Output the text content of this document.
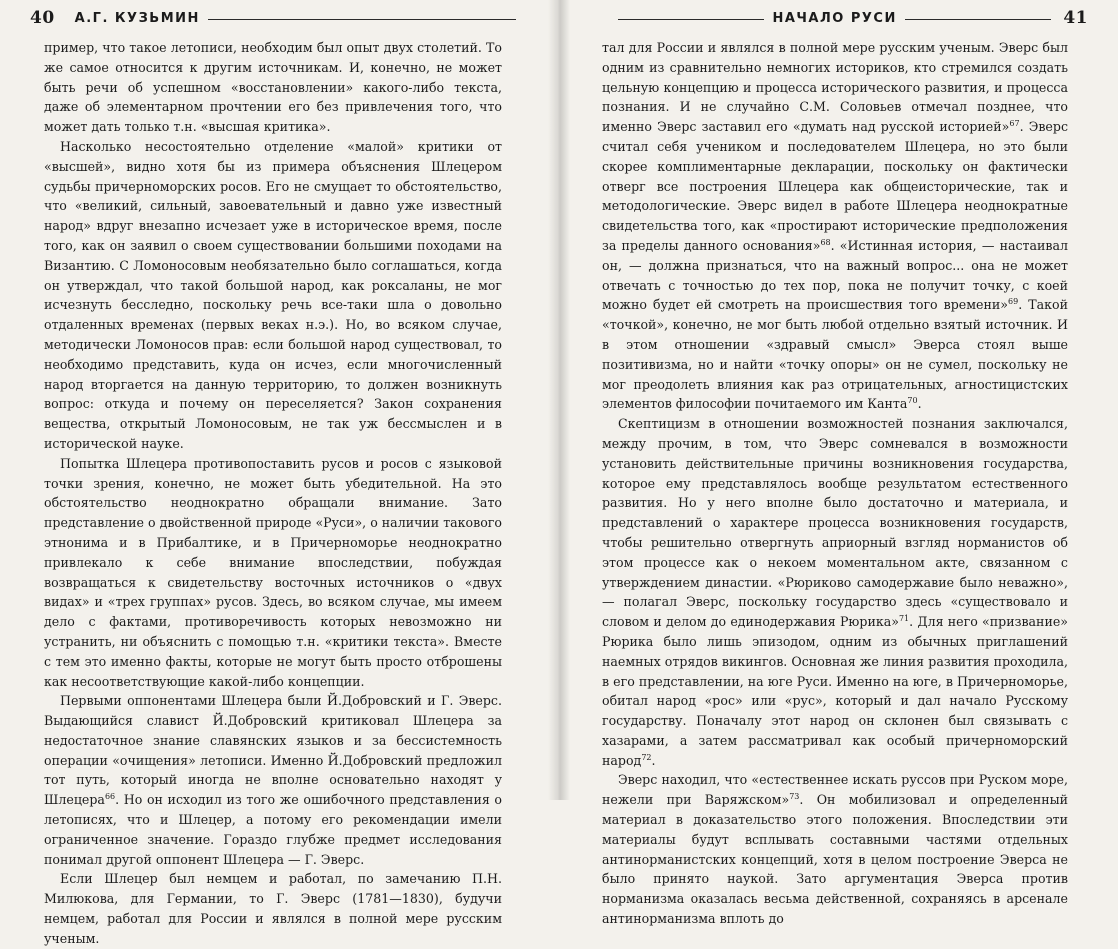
40	А.Г. КУЗЬМИН

пример, что такое летописи, необходим был опыт двух столетий. То же самое относится к другим источникам. И, конечно, не может быть речи об успешном «восстановлении» какого-либо текста, даже об элементарном прочтении его без привлечения того, что может дать только т.н. «высшая критика».

Насколько несостоятельно отделение «малой» критики от «высшей», видно хотя бы из примера объяснения Шлецером судьбы причерноморских росов. Его не смущает то обстоятельство, что «великий, сильный, завоевательный и давно уже известный народ» вдруг внезапно исчезает уже в историческое время, после того, как он заявил о своем существовании большими походами на Византию. С Ломоносовым необязательно было соглашаться, когда он утверждал, что такой большой народ, как роксаланы, не мог исчезнуть бесследно, поскольку речь все-таки шла о довольно отдаленных временах (первых веках н.э.). Но, во всяком случае, методически Ломоносов прав: если большой народ существовал, то необходимо представить, куда он исчез, если многочисленный народ вторгается на данную территорию, то должен возникнуть вопрос: откуда и почему он переселяется? Закон сохранения вещества, открытый Ломоносовым, не так уж бессмыслен и в исторической науке.

Попытка Шлецера противопоставить русов и росов с языковой точки зрения, конечно, не может быть убедительной. На это обстоятельство неоднократно обращали внимание. Зато представление о двойственной природе «Руси», о наличии такового этнонима и в Прибалтике, и в Причерноморье неоднократно привлекало к себе внимание впоследствии, побуждая возвращаться к свидетельству восточных источников о «двух видах» и «трех группах» русов. Здесь, во всяком случае, мы имеем дело с фактами, противоречивость которых невозможно ни устранить, ни объяснить с помощью т.н. «критики текста». Вместе с тем это именно факты, которые не могут быть просто отброшены как несоответствующие какой-либо концепции.

Первыми оппонентами Шлецера были Й.Добровский и Г. Эверс. Выдающийся славист Й.Добровский критиковал Шлецера за недостаточное знание славянских языков и за бессистемность операции «очищения» летописи. Именно Й.Добровский предложил тот путь, который иногда не вполне основательно находят у Шлецера$^{66}$. Но он исходил из того же ошибочного представления о летописях, что и Шлецер, а потому его рекомендации имели ограниченное значение. Гораздо глубже предмет исследования понимал другой оппонент Шлецера — Г. Эверс.

Если Шлецер был немцем и работал, по замечанию П.Н. Милюкова, для Германии, то Г. Эверс (1781—1830), будучи немцем, работал для России и являлся в полной мере русским ученым.

НАЧАЛО РУСИ	41

тал для России и являлся в полной мере русским ученым. Эверс был одним из сравнительно немногих историков, кто стремился создать цельную концепцию и процесса исторического развития, и процесса познания. И не случайно С.М. Соловьев отмечал позднее, что именно Эверс заставил его «думать над русской историей»$^{67}$. Эверс считал себя учеником и последователем Шлецера, но это были скорее комплиментарные декларации, поскольку он фактически отверг все построения Шлецера как общеисторические, так и методологические. Эверс видел в работе Шлецера неоднократные свидетельства того, как «простирают исторические предположения за пределы данного основания»$^{68}$. «Истинная история, — настаивал он, — должна признаться, что на важный вопрос... она не может отвечать с точностью до тех пор, пока не получит точку, с коей можно будет ей смотреть на происшествия того времени»$^{69}$. Такой «точкой», конечно, не мог быть любой отдельно взятый источник. И в этом отношении «здравый смысл» Эверса стоял выше позитивизма, но и найти «точку опоры» он не сумел, поскольку не мог преодолеть влияния как раз отрицательных, агностицистских элементов философии почитаемого им Канта$^{70}$.

Скептицизм в отношении возможностей познания заключался, между прочим, в том, что Эверс сомневался в возможности установить действительные причины возникновения государства, которое ему представлялось вообще результатом естественного развития. Но у него вполне было достаточно и материала, и представлений о характере процесса возникновения государств, чтобы решительно отвергнуть априорный взгляд норманистов об этом процессе как о некоем моментальном акте, связанном с утверждением династии. «Рюриково самодержавие было неважно», — полагал Эверс, поскольку государство здесь «существовало и словом и делом до единодержавия Рюрика»$^{71}$. Для него «призвание» Рюрика было лишь эпизодом, одним из обычных приглашений наемных отрядов викингов. Основная же линия развития проходила, в его представлении, на юге Руси. Именно на юге, в Причерноморье, обитал народ «рос» или «рус», который и дал начало Русскому государству. Поначалу этот народ он склонен был связывать с хазарами, а затем рассматривал как особый причерноморский народ$^{72}$.

Эверс находил, что «естественнее искать руссов при Руском море, нежели при Варяжском»$^{73}$. Он мобилизовал и определенный материал в доказательство этого положения. Впоследствии эти материалы будут всплывать составными частями отдельных антинорманистских концепций, хотя в целом построение Эверса не было принято наукой. Зато аргументация Эверса против норманизма оказалась весьма действенной, сохраняясь в арсенале антинорманизма вплоть до
